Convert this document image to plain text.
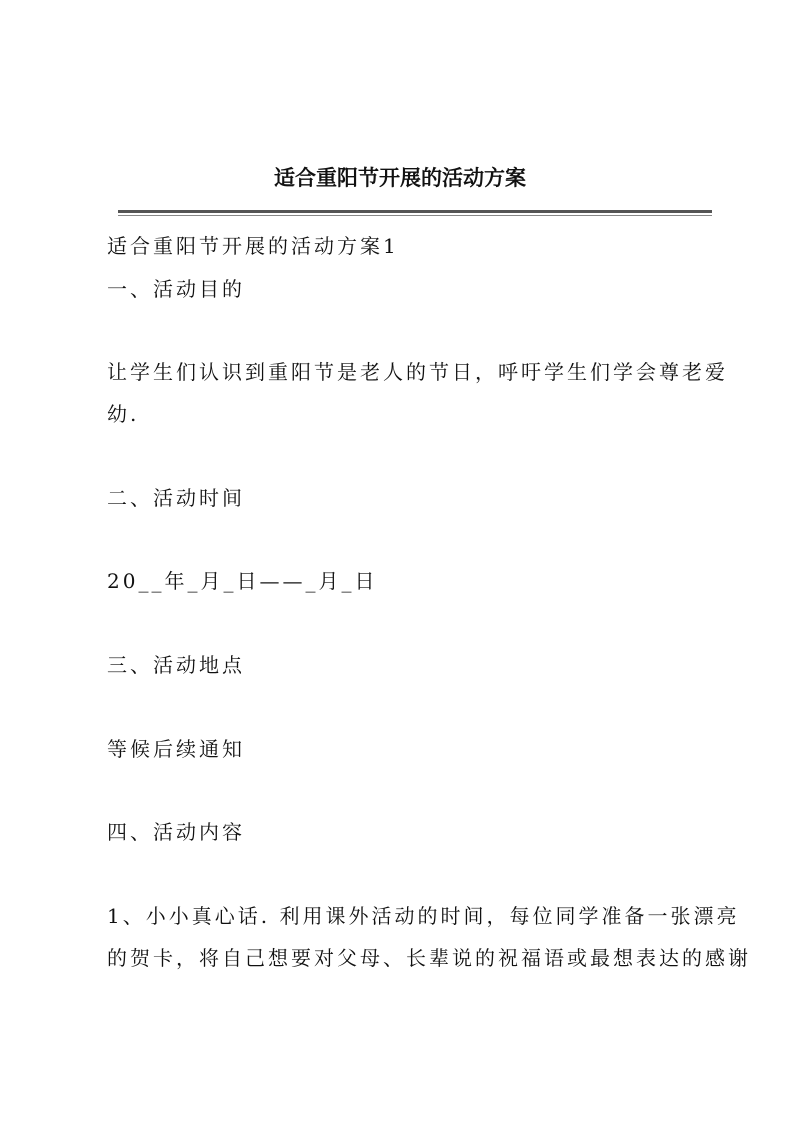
适合重阳节开展的活动方案

适合重阳节开展的活动方案1

一、活动目的

让学生们认识到重阳节是老人的节日，呼吁学生们学会尊老爱

幼.

二、活动时间

20__年_月_日——_月_日

三、活动地点

等候后续通知

四、活动内容

1、小小真心话. 利用课外活动的时间，每位同学准备一张漂亮

的贺卡，将自己想要对父母、长辈说的祝福语或最想表达的感谢
